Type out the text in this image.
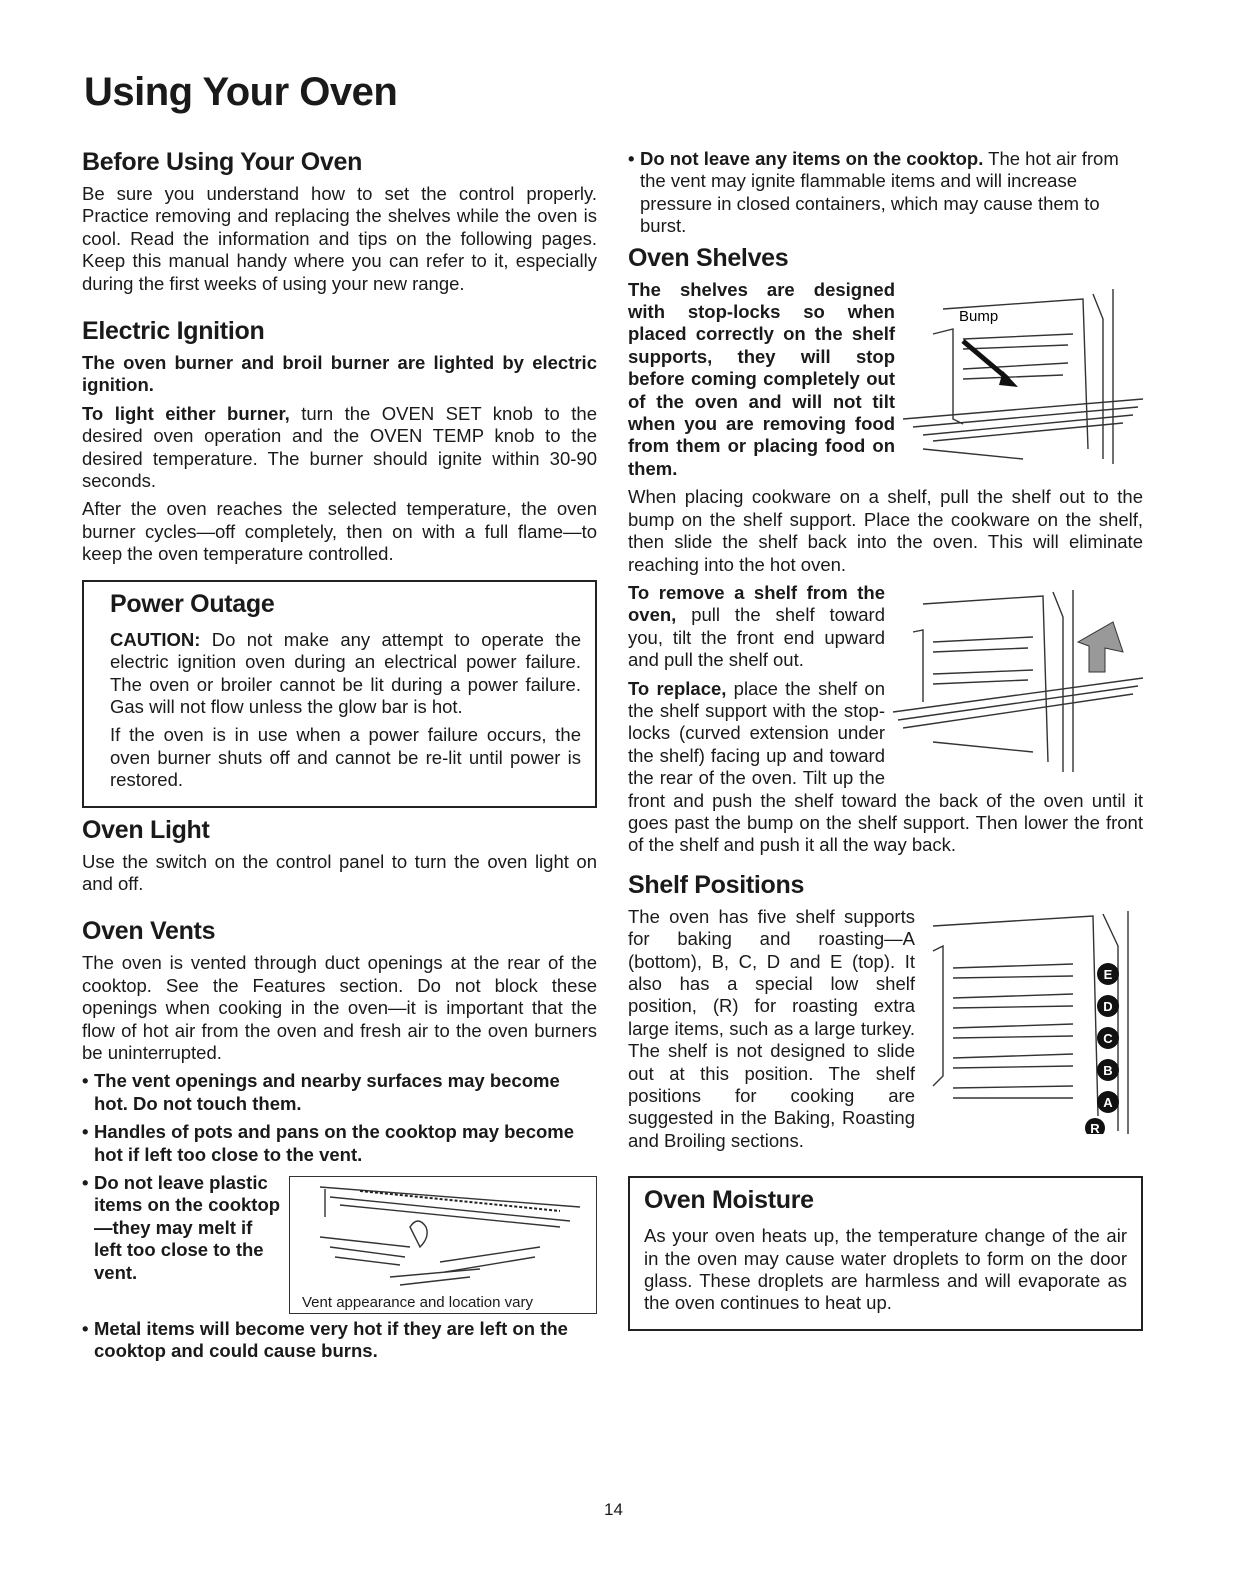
Using Your Oven
Before Using Your Oven

Be sure you understand how to set the control properly. Practice removing and replacing the shelves while the oven is cool. Read the information and tips on the following pages. Keep this manual handy where you can refer to it, especially during the first weeks of using your new range.

Electric Ignition

The oven burner and broil burner are lighted by electric ignition.

To light either burner, turn the OVEN SET knob to the desired oven operation and the OVEN TEMP knob to the desired temperature. The burner should ignite within 30-90 seconds.

After the oven reaches the selected temperature, the oven burner cycles—off completely, then on with a full flame—to keep the oven temperature controlled.

Power Outage

CAUTION: Do not make any attempt to operate the electric ignition oven during an electrical power failure. The oven or broiler cannot be lit during a power failure. Gas will not flow unless the glow bar is hot.

If the oven is in use when a power failure occurs, the oven burner shuts off and cannot be re-lit until power is restored.

Oven Light

Use the switch on the control panel to turn the oven light on and off.

Oven Vents

The oven is vented through duct openings at the rear of the cooktop. See the Features section. Do not block these openings when cooking in the oven—it is important that the flow of hot air from the oven and fresh air to the oven burners be uninterrupted.

• The vent openings and nearby surfaces may become hot. Do not touch them.
• Handles of pots and pans on the cooktop may become hot if left too close to the vent.
Vent appearance and location vary
• Do not leave plastic items on the cooktop—they may melt if left too close to the vent.
• Metal items will become very hot if they are left on the cooktop and could cause burns.
• Do not leave any items on the cooktop. The hot air from the vent may ignite flammable items and will increase pressure in closed containers, which may cause them to burst.
Oven Shelves
Bump

The shelves are designed with stop-locks so when placed correctly on the shelf supports, they will stop before coming completely out of the oven and will not tilt when you are removing food from them or placing food on them.

When placing cookware on a shelf, pull the shelf out to the bump on the shelf support. Place the cookware on the shelf, then slide the shelf back into the oven. This will eliminate reaching into the hot oven.

To remove a shelf from the oven, pull the shelf toward you, tilt the front end upward and pull the shelf out.

To replace, place the shelf on the shelf support with the stop-locks (curved extension under the shelf) facing up and toward the rear of the oven. Tilt up the front and push the shelf toward the back of the oven until it goes past the bump on the shelf support. Then lower the front of the shelf and push it all the way back.

Shelf Positions
E
D
C
B
A
R

The oven has five shelf supports for baking and roasting—A (bottom), B, C, D and E (top). It also has a special low shelf position, (R) for roasting extra large items, such as a large turkey. The shelf is not designed to slide out at this position. The shelf positions for cooking are suggested in the Baking, Roasting and Broiling sections.

Oven Moisture

As your oven heats up, the temperature change of the air in the oven may cause water droplets to form on the door glass. These droplets are harmless and will evaporate as the oven continues to heat up.

14
